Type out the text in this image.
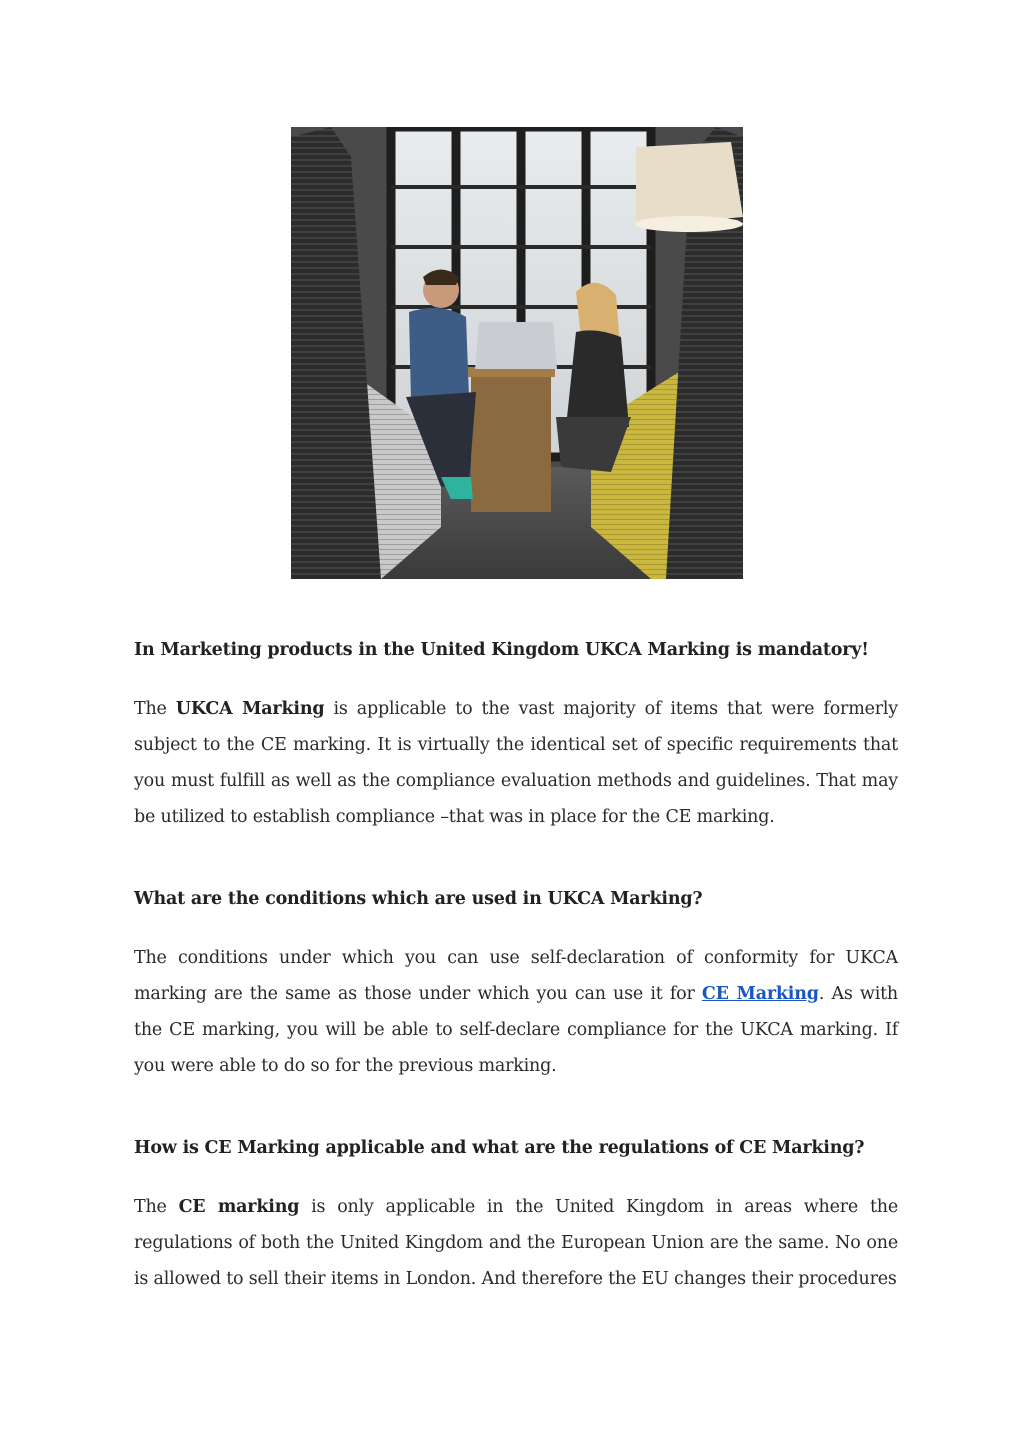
In Marketing products in the United Kingdom UKCA Marking is mandatory!

The UKCA Marking is applicable to the vast majority of items that were formerly subject to the CE marking. It is virtually the identical set of specific requirements that you must fulfill as well as the compliance evaluation methods and guidelines. That may be utilized to establish compliance –that was in place for the CE marking.

What are the conditions which are used in UKCA Marking?

The conditions under which you can use self-declaration of conformity for UKCA marking are the same as those under which you can use it for CE Marking. As with the CE marking, you will be able to self-declare compliance for the UKCA marking. If you were able to do so for the previous marking.

How is CE Marking applicable and what are the regulations of CE Marking?

The CE marking is only applicable in the United Kingdom in areas where the regulations of both the United Kingdom and the European Union are the same. No one is allowed to sell their items in London. And therefore the EU changes their procedures
